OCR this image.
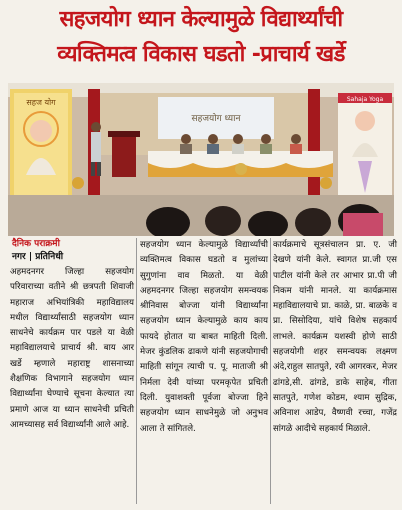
सहजयोग ध्यान केल्यामुळे विद्यार्थ्यांची
व्यक्तिमत्व विकास घडतो -प्राचार्य खर्डे
सहजयोग ध्यान
सहज योग	Sahaja Yoga
दैनिक पराक्रमी
नगर | प्रतिनिधी
अहमदनगर जिल्हा सहजयोग परिवाराच्या वतीने श्री छत्रपती शिवाजी महाराज अभियांत्रिकी महाविद्यालय मधील विद्यार्थ्यांसाठी सहजयोग ध्यान साधनेचे कार्यक्रम पार पडले या वेळी महाविद्यालयाचे प्राचार्य श्री. बाय आर खर्डे म्हणाले महाराष्ट्र शासनाच्या शैक्षणिक विभागाने सहजयोग ध्यान विद्यार्थ्यांना घेण्याचे सूचना केल्यात त्या प्रमाणे आज या ध्यान साधनेची प्रचिती आमच्यासह सर्व विद्यार्थ्यांनी आले आहे.
सहजयोग ध्यान केल्यामुळे विद्यार्थ्यांची व्यक्तिमत्व विकास घडतो व मुलांच्या सुगुणांना वाव मिळतो. या वेळी अहमदनगर जिल्हा सहजयोग समन्वयक श्रीनिवास बोज्जा यांनी विद्यार्थ्यांना सहजयोग ध्यान केल्यामुळे काय काय फायदे होतात या बाबत माहिती दिली. मेजर कुंडलिक ढाकणे यांनी सहजयोगाची माहिती सांगून त्याची प. पू. माताजी श्री निर्मला देवी यांच्या परमकृपेत प्रचिती दिली. युवाशक्ती पूर्वजा बोज्जा हिने सहजयोग ध्यान साधनेमुळे जो अनुभव आला ते सांगितले.
कार्यक्रमाचे सूत्रसंचालन प्रा. ए. जी देखणे यांनी केले. स्वागत प्रा.जी एस पाटील यांनी केले तर आभार प्रा.पी जी निकम यांनी मानले. या कार्यक्रमास महाविद्यालयाचे प्रा. काळे, प्रा. बाळके व प्रा. सिसोदिया, यांचे विशेष सहकार्य लाभले. कार्यक्रम यशस्वी होणे साठी सहजयोगी शहर समन्वयक लक्ष्मण अंदे,राहुल सातपुते, रवी आगरकर, मेजर ढांगडे,सी. ढांगडे, डाके साहेब, गीता सातपुते, गणेश कोडम, श्याम सुद्रिक, अविनाश आडेप, वैष्णवी रच्चा, गजेंद्र सांगळे आदीचे सहकार्य मिळाले.
